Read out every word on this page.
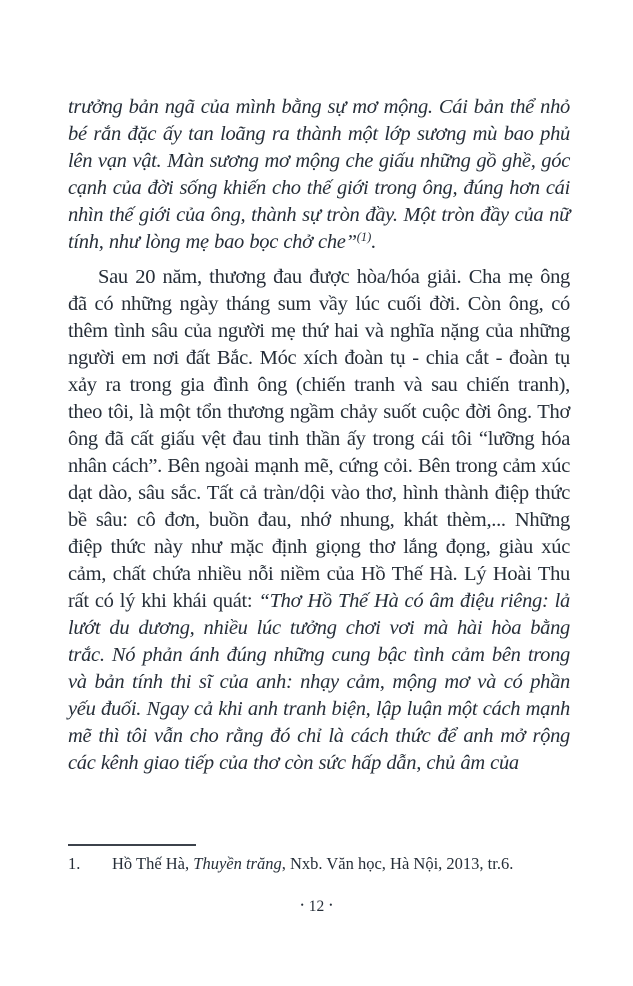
trưởng bản ngã của mình bằng sự mơ mộng. Cái bản thể nhỏ bé rắn đặc ấy tan loãng ra thành một lớp sương mù bao phủ lên vạn vật. Màn sương mơ mộng che giấu những gồ ghề, góc cạnh của đời sống khiến cho thế giới trong ông, đúng hơn cái nhìn thế giới của ông, thành sự tròn đầy. Một tròn đầy của nữ tính, như lòng mẹ bao bọc chở che”$^{(1)}$.

Sau 20 năm, thương đau được hòa/hóa giải. Cha mẹ ông đã có những ngày tháng sum vầy lúc cuối đời. Còn ông, có thêm tình sâu của người mẹ thứ hai và nghĩa nặng của những người em nơi đất Bắc. Móc xích đoàn tụ - chia cắt - đoàn tụ xảy ra trong gia đình ông (chiến tranh và sau chiến tranh), theo tôi, là một tổn thương ngầm chảy suốt cuộc đời ông. Thơ ông đã cất giấu vệt đau tinh thần ấy trong cái tôi “lưỡng hóa nhân cách”. Bên ngoài mạnh mẽ, cứng cỏi. Bên trong cảm xúc dạt dào, sâu sắc. Tất cả tràn/dội vào thơ, hình thành điệp thức bề sâu: cô đơn, buồn đau, nhớ nhung, khát thèm,... Những điệp thức này như mặc định giọng thơ lắng đọng, giàu xúc cảm, chất chứa nhiều nỗi niềm của Hồ Thế Hà. Lý Hoài Thu rất có lý khi khái quát: “Thơ Hồ Thế Hà có âm điệu riêng: lả lướt du dương, nhiều lúc tưởng chơi vơi mà hài hòa bằng trắc. Nó phản ánh đúng những cung bậc tình cảm bên trong và bản tính thi sĩ của anh: nhạy cảm, mộng mơ và có phần yếu đuối. Ngay cả khi anh tranh biện, lập luận một cách mạnh mẽ thì tôi vẫn cho rằng đó chỉ là cách thức để anh mở rộng các kênh giao tiếp của thơ còn sức hấp dẫn, chủ âm của

1. Hồ Thế Hà, Thuyền trăng, Nxb. Văn học, Hà Nội, 2013, tr.6.
• 12 •
